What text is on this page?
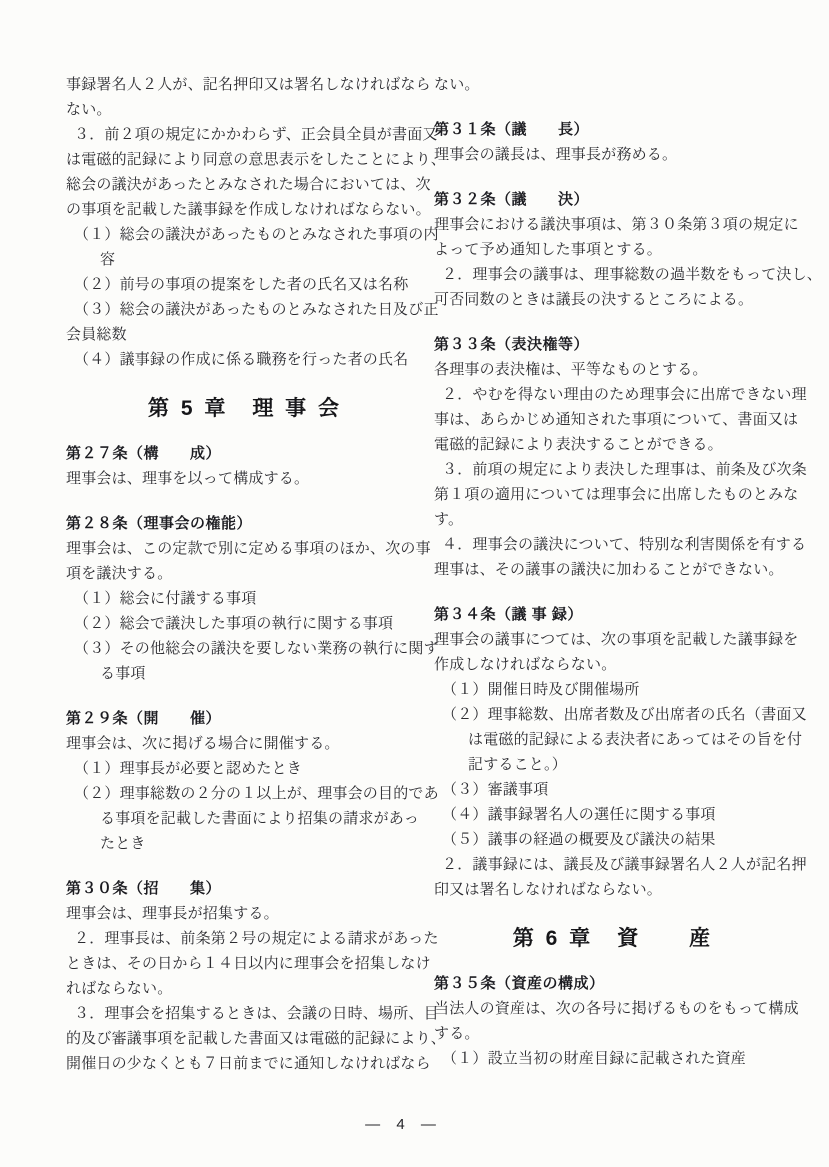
事録署名人２人が、記名押印又は署名しなければなら
ない。
３．前２項の規定にかかわらず、正会員全員が書面又
は電磁的記録により同意の意思表示をしたことにより、
総会の議決があったとみなされた場合においては、次
の事項を記載した議事録を作成しなければならない。
（１）総会の議決があったものとみなされた事項の内
容
（２）前号の事項の提案をした者の氏名又は名称
（３）総会の議決があったものとみなされた日及び正
会員総数
（４）議事録の作成に係る職務を行った者の氏名
第 5 章　理 事 会
第２７条（構　　成）
理事会は、理事を以って構成する。
第２８条（理事会の権能）
理事会は、この定款で別に定める事項のほか、次の事
項を議決する。
（１）総会に付議する事項
（２）総会で議決した事項の執行に関する事項
（３）その他総会の議決を要しない業務の執行に関す
る事項
第２９条（開　　催）
理事会は、次に掲げる場合に開催する。
（１）理事長が必要と認めたとき
（２）理事総数の２分の１以上が、理事会の目的であ
る事項を記載した書面により招集の請求があっ
たとき
第３０条（招　　集）
理事会は、理事長が招集する。
２．理事長は、前条第２号の規定による請求があった
ときは、その日から１４日以内に理事会を招集しなけ
ればならない。
３．理事会を招集するときは、会議の日時、場所、目
的及び審議事項を記載した書面又は電磁的記録により、
開催日の少なくとも７日前までに通知しなければなら
ない。
第３１条（議　　長）
理事会の議長は、理事長が務める。
第３２条（議　　決）
理事会における議決事項は、第３０条第３項の規定に
よって予め通知した事項とする。
２．理事会の議事は、理事総数の過半数をもって決し、
可否同数のときは議長の決するところによる。
第３３条（表決権等）
各理事の表決権は、平等なものとする。
２．やむを得ない理由のため理事会に出席できない理
事は、あらかじめ通知された事項について、書面又は
電磁的記録により表決することができる。
３．前項の規定により表決した理事は、前条及び次条
第１項の適用については理事会に出席したものとみな
す。
４．理事会の議決について、特別な利害関係を有する
理事は、その議事の議決に加わることができない。
第３４条（議 事 録）
理事会の議事につては、次の事項を記載した議事録を
作成しなければならない。
（１）開催日時及び開催場所
（２）理事総数、出席者数及び出席者の氏名（書面又
は電磁的記録による表決者にあってはその旨を付
記すること。）
（３）審議事項
（４）議事録署名人の選任に関する事項
（５）議事の経過の概要及び議決の結果
２．議事録には、議長及び議事録署名人２人が記名押
印又は署名しなければならない。
第 6 章　資　　産
第３５条（資産の構成）
当法人の資産は、次の各号に掲げるものをもって構成
する。
（１）設立当初の財産目録に記載された資産
― 4 ―
